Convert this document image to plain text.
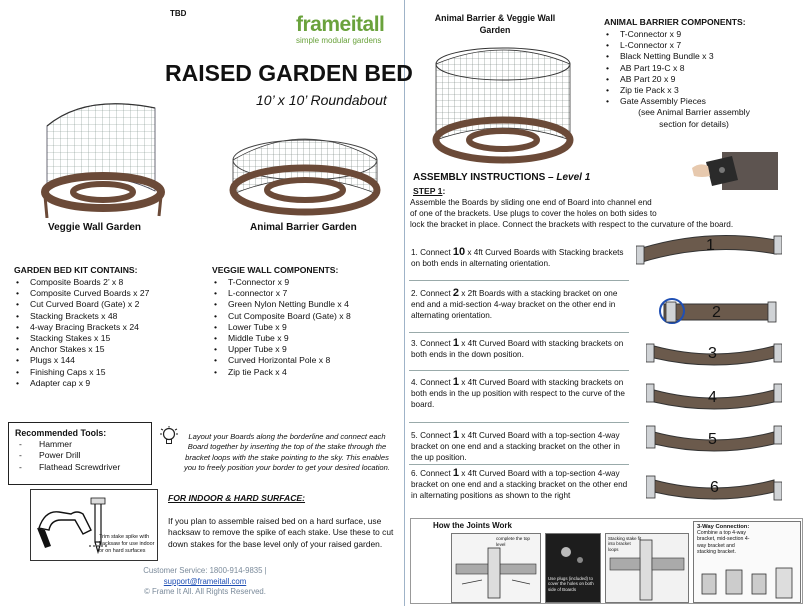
TBD	frameitall
simple modular gardens
RAISED GARDEN BED
10’ x 10’ Roundabout
Veggie Wall Garden	Animal Barrier Garden
GARDEN BED KIT CONTAINS:
• Composite Boards 2’ x 8
• Composite Curved Boards x 27
• Cut Curved Board (Gate) x 2
• Stacking Brackets x 48
• 4-way Bracing Brackets x 24
• Stacking Stakes x 15
• Anchor Stakes x 15
• Plugs x 144
• Finishing Caps x 15
• Adapter cap x 9
VEGGIE WALL COMPONENTS:
• T-Connector x 9
• L-connector x 7
• Green Nylon Netting Bundle x 4
• Cut Composite Board (Gate) x 8
• Lower Tube x 9
• Middle Tube x 9
• Upper Tube x 9
• Curved Horizontal Pole x 8
• Zip tie Pack x 4
Recommended Tools:
- Hammer
- Power Drill
- Flathead Screwdriver
Layout your Boards along the borderline and connect each
Board together by inserting the top of the stake through the
bracket loops with the stake pointing to the sky. This enables
you to freely position your border to get your desired location.
Trim stake spike with
hacksaw for use indoor
or on hard surfaces
FOR INDOOR & HARD SURFACE:
If you plan to assemble raised bed on a hard surface, use
hacksaw to remove the spike of each stake. Use these to cut
down stakes for the base level only of your raised garden.
Customer Service: 1800-914-9835 |
support@frameitall.com
© Frame It All. All Rights Reserved.
Animal Barrier & Veggie Wall
Garden
ANIMAL BARRIER COMPONENTS:
• T-Connector x 9
• L-Connector x 7
• Black Netting Bundle x 3
• AB Part 19-C x 8
• AB Part 20 x 9
• Zip tie Pack x 3
• Gate Assembly Pieces
(see Animal Barrier assembly
section for details)
ASSEMBLY INSTRUCTIONS – Level 1
STEP 1:
Assemble the Boards by sliding one end of Board into channel end
of one of the brackets. Use plugs to cover the holes on both sides to
lock the bracket in place. Connect the brackets with respect to the curvature of the board.
1. Connect 10 x 4ft Curved Boards with Stacking brackets on both ends in alternating orientation.
2. Connect 2 x 2ft Boards with a stacking bracket on one end and a mid-section 4-way bracket on the other end in alternating orientation.
3. Connect 1 x 4ft Curved Board with stacking brackets on both ends in the down position.
4. Connect 1 x 4ft Curved Board with stacking brackets on both ends in the up position with respect to the curve of the board.
5. Connect 1 x 4ft Curved Board with a top-section 4-way bracket on one end and a stacking bracket on the other in the up position.
6. Connect 1 x 4ft Curved Board with a top-section 4-way bracket on one end and a stacking bracket on the other end in alternating positions as shown to the right
1
2
3
4
5
6
How the Joints Work
complete the top level
Use plugs (included) to cover the holes on both side of Boards
Stacking stake fit into bracket loops
3-Way Connection:
Combine a top 4-way
bracket, mid-section 4-
way bracket and
stacking bracket.
